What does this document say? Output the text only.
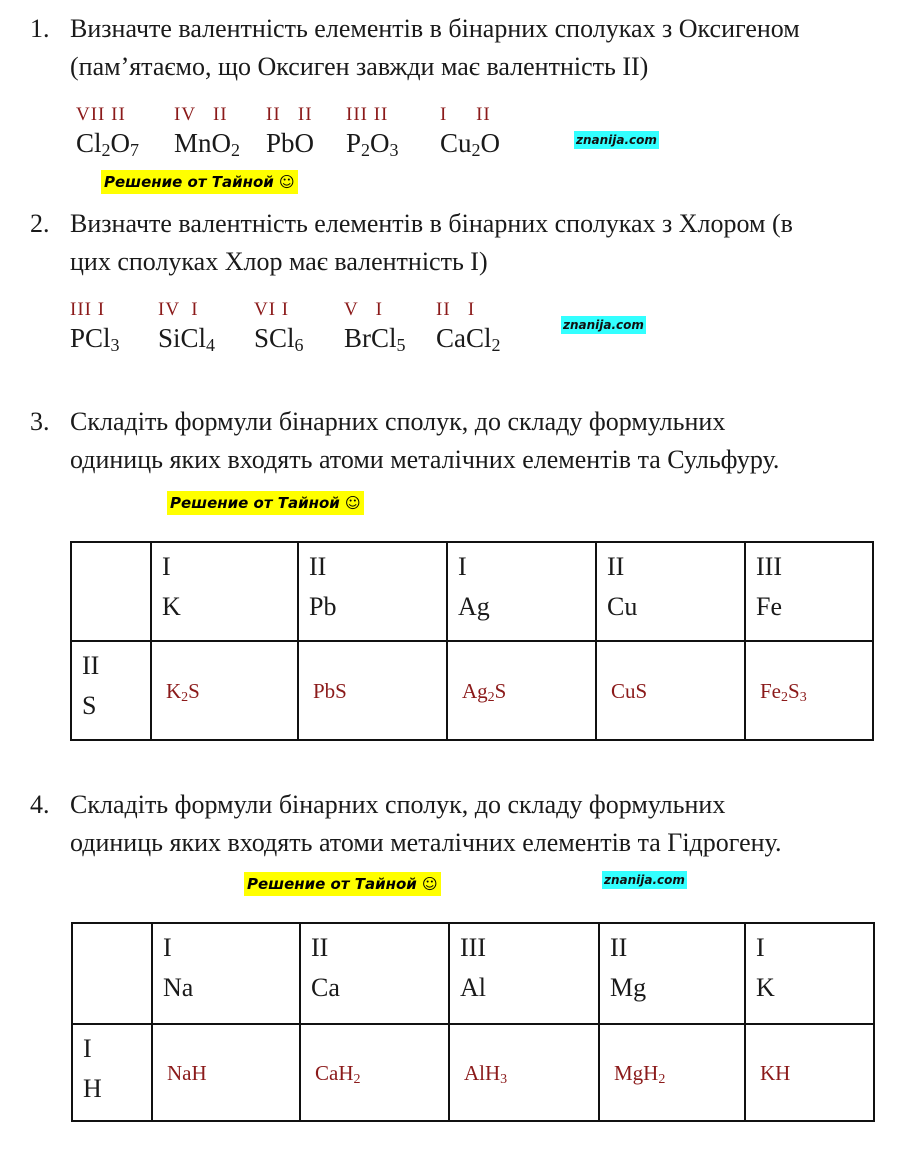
1. Визначте валентність елементів в бінарних сполуках з Оксигеном
(пам’ятаємо, що Оксиген завжди має валентність II)
VII II
$Cl_2O_7$
IV   II
MnO$_2$
II   II
PbO
III II
$P_2O_3$
I     II
$Cu_2O$	znanija.com
Решение от Тайной ☺
2. Визначте валентність елементів в бінарних сполуках з Хлором (в
цих сполуках Хлор має валентність I)
III I
PCl$_3$
IV  I
SiCl$_4$
VI I
SCl$_6$
V   I
BrCl$_5$
II   I
CaCl$_2$
znanija.com
3. Складіть формули бінарних сполук, до складу формульних
одиниць яких входять атоми металічних елементів та Сульфуру.
Решение от Тайной ☺

	I
K	II
Pb	I
Ag	II
Cu	III
Fe

II
S	$K_2S$	PbS	$Ag_2S$	CuS	$Fe_2S_3$
4. Складіть формули бінарних сполук, до складу формульних
одиниць яких входять атоми металічних елементів та Гідрогену.
Решение от Тайной ☺	znanija.com

	I
Na	II
Ca	III
Al	II
Mg	I
K

I
H	NaH	CaH$_2$	AlH$_3$	MgH$_2$	KH
